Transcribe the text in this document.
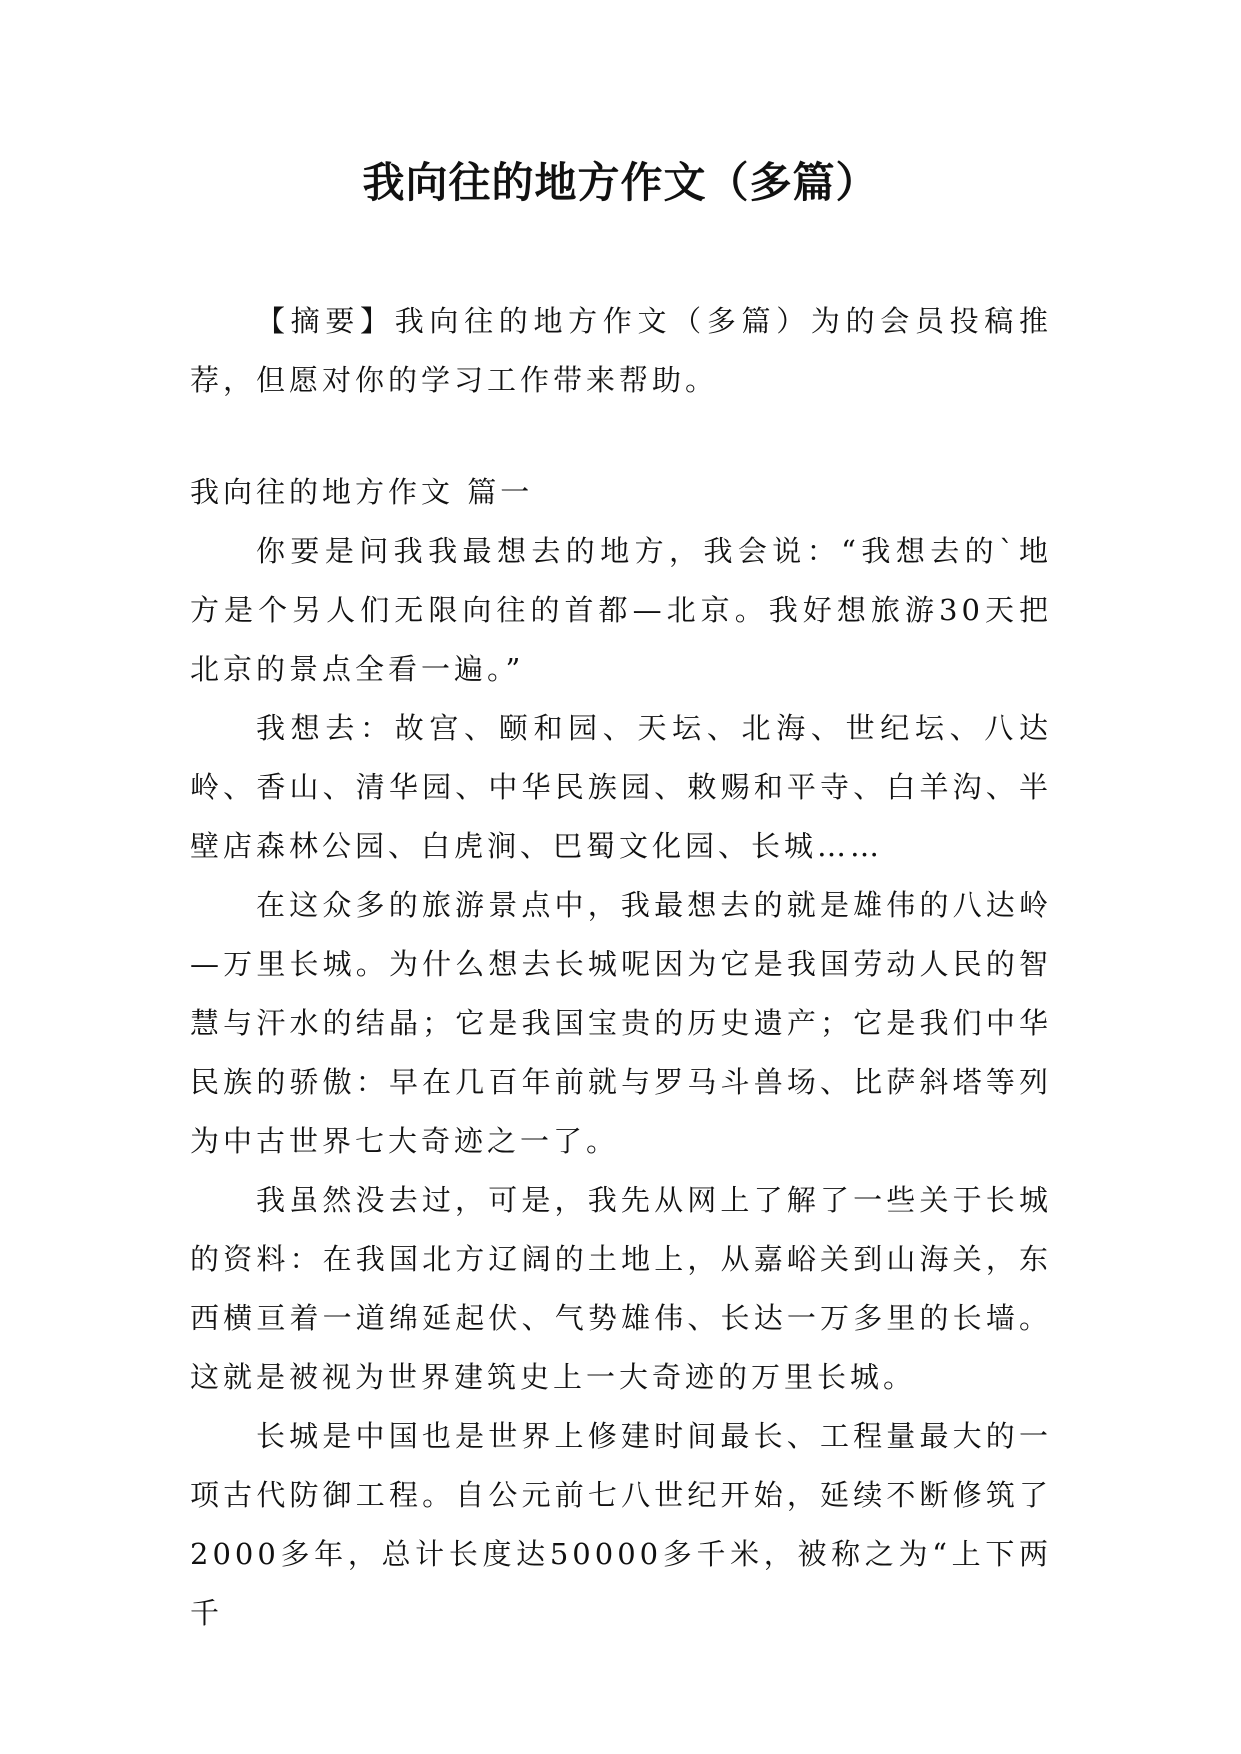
我向往的地方作文（多篇）

【摘要】我向往的地方作文（多篇）为的会员投稿推荐，但愿对你的学习工作带来帮助。

我向往的地方作文 篇一

你要是问我我最想去的地方，我会说：“我想去的`地方是个另人们无限向往的首都—北京。我好想旅游30天把北京的景点全看一遍。”

我想去：故宫、颐和园、天坛、北海、世纪坛、八达岭、香山、清华园、中华民族园、敕赐和平寺、白羊沟、半壁店森林公园、白虎涧、巴蜀文化园、长城……

在这众多的旅游景点中，我最想去的就是雄伟的八达岭—万里长城。为什么想去长城呢因为它是我国劳动人民的智慧与汗水的结晶；它是我国宝贵的历史遗产；它是我们中华民族的骄傲：早在几百年前就与罗马斗兽场、比萨斜塔等列为中古世界七大奇迹之一了。

我虽然没去过，可是，我先从网上了解了一些关于长城的资料：在我国北方辽阔的土地上，从嘉峪关到山海关，东西横亘着一道绵延起伏、气势雄伟、长达一万多里的长墙。这就是被视为世界建筑史上一大奇迹的万里长城。

长城是中国也是世界上修建时间最长、工程量最大的一项古代防御工程。自公元前七八世纪开始，延续不断修筑了2000多年，总计长度达50000多千米，被称之为“上下两千
